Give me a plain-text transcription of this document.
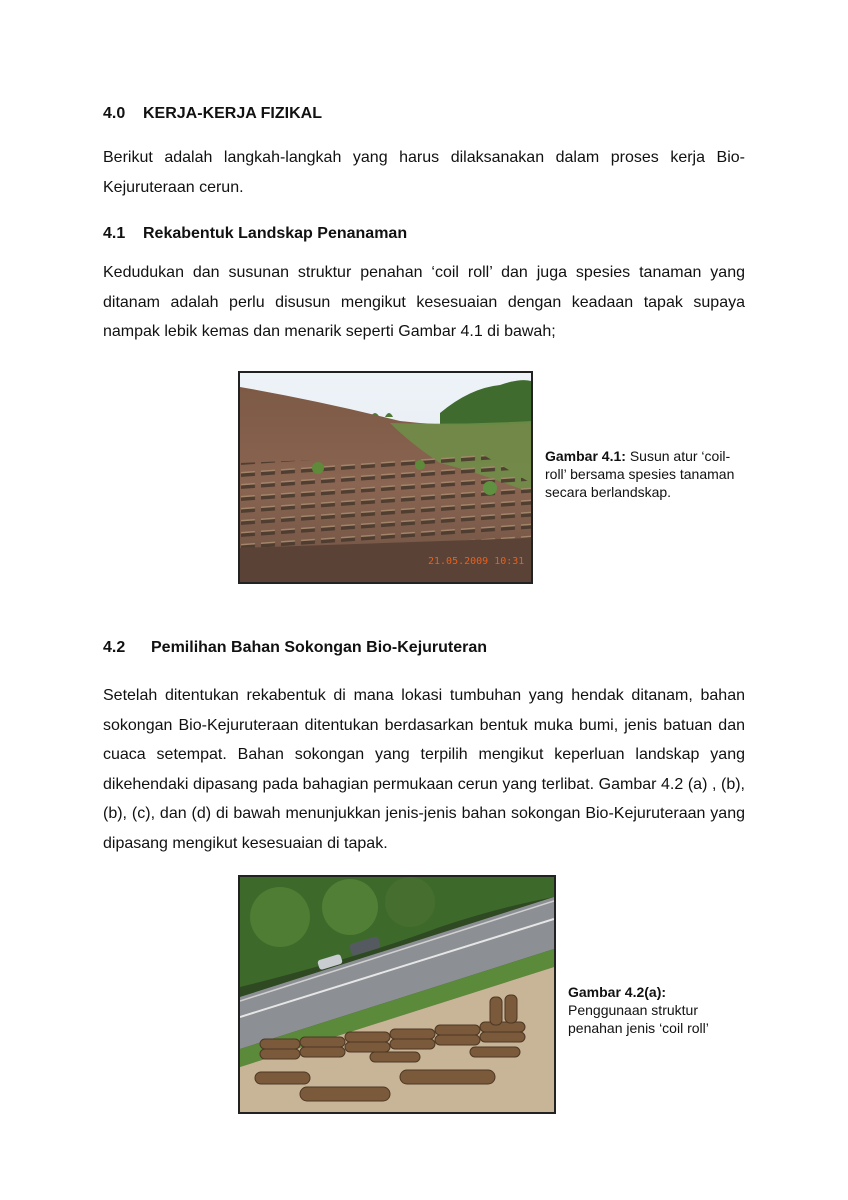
4.0 KERJA-KERJA FIZIKAL
Berikut adalah langkah-langkah yang harus dilaksanakan dalam proses kerja Bio-Kejuruteraan cerun.
4.1 Rekabentuk Landskap Penanaman
Kedudukan dan susunan struktur penahan ‘coil roll’ dan juga spesies tanaman yang ditanam adalah perlu disusun mengikut kesesuaian dengan keadaan tapak supaya nampak lebik kemas dan menarik seperti Gambar 4.1 di bawah;
21.05.2009 10:31
Gambar 4.1: Susun atur ‘coil-roll’ bersama spesies tanaman secara berlandskap.
4.2 Pemilihan Bahan Sokongan Bio-Kejuruteran
Setelah ditentukan rekabentuk di mana lokasi tumbuhan yang hendak ditanam, bahan sokongan Bio-Kejuruteraan ditentukan berdasarkan bentuk muka bumi, jenis batuan dan cuaca setempat. Bahan sokongan yang terpilih mengikut keperluan landskap yang dikehendaki dipasang pada bahagian permukaan cerun yang terlibat. Gambar 4.2 (a) , (b), (b), (c), dan (d) di bawah menunjukkan jenis-jenis bahan sokongan Bio-Kejuruteraan yang dipasang mengikut kesesuaian di tapak.
Gambar 4.2(a):
Penggunaan struktur penahan jenis ‘coil roll’
